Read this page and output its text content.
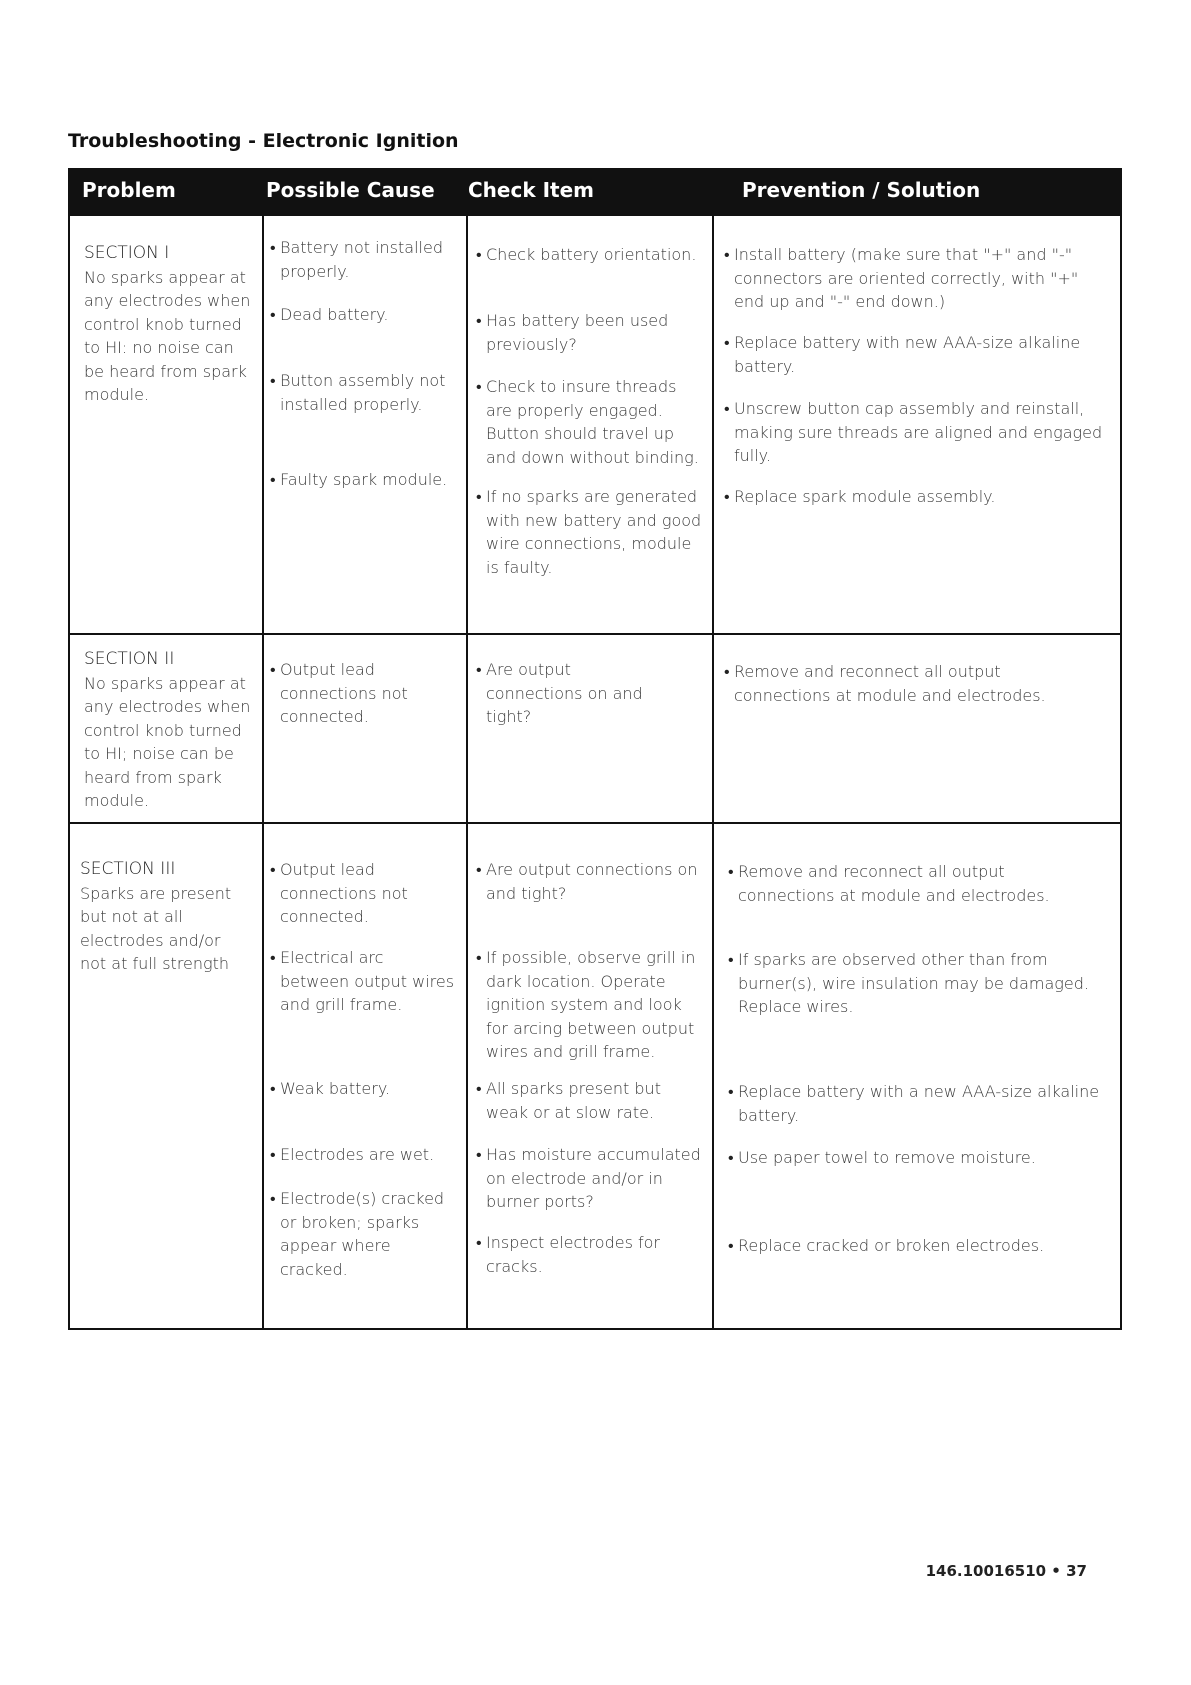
Troubleshooting - Electronic Ignition
Problem	Possible Cause Check Item	Prevention / Solution
SECTION I
No sparks appear at any electrodes when control knob turned to HI: no noise can be heard from spark module.
• Battery not installed properly.
• Dead battery.
• Button assembly not installed properly.
• Faulty spark module.
• Check battery orientation.
• Has battery been used previously?
• Check to insure threads are properly engaged. Button should travel up and down without binding.
• If no sparks are generated with new battery and good wire connections, module is faulty.
• Install battery (make sure that "+" and "-" connectors are oriented correctly, with "+" end up and "-" end down.)
• Replace battery with new AAA-size alkaline battery.
• Unscrew button cap assembly and reinstall, making sure threads are aligned and engaged fully.
• Replace spark module assembly.
SECTION II
No sparks appear at any electrodes when control knob turned to HI; noise can be heard from spark module.
• Output lead connections not connected.
• Are output connections on and tight?
• Remove and reconnect all output connections at module and electrodes.
SECTION III
Sparks are present but not at all electrodes and/or not at full strength
• Output lead connections not connected.
• Electrical arc between output wires and grill frame.
• Weak battery.
• Electrodes are wet.
• Electrode(s) cracked or broken; sparks appear where cracked.
• Are output connections on and tight?
• If possible, observe grill in dark location. Operate ignition system and look for arcing between output wires and grill frame.
• All sparks present but weak or at slow rate.
• Has moisture accumulated on electrode and/or in burner ports?
• Inspect electrodes for cracks.
• Remove and reconnect all output connections at module and electrodes.
• If sparks are observed other than from burner(s), wire insulation may be damaged. Replace wires.
• Replace battery with a new AAA-size alkaline battery.
• Use paper towel to remove moisture.
• Replace cracked or broken electrodes.
146.10016510 • 37
